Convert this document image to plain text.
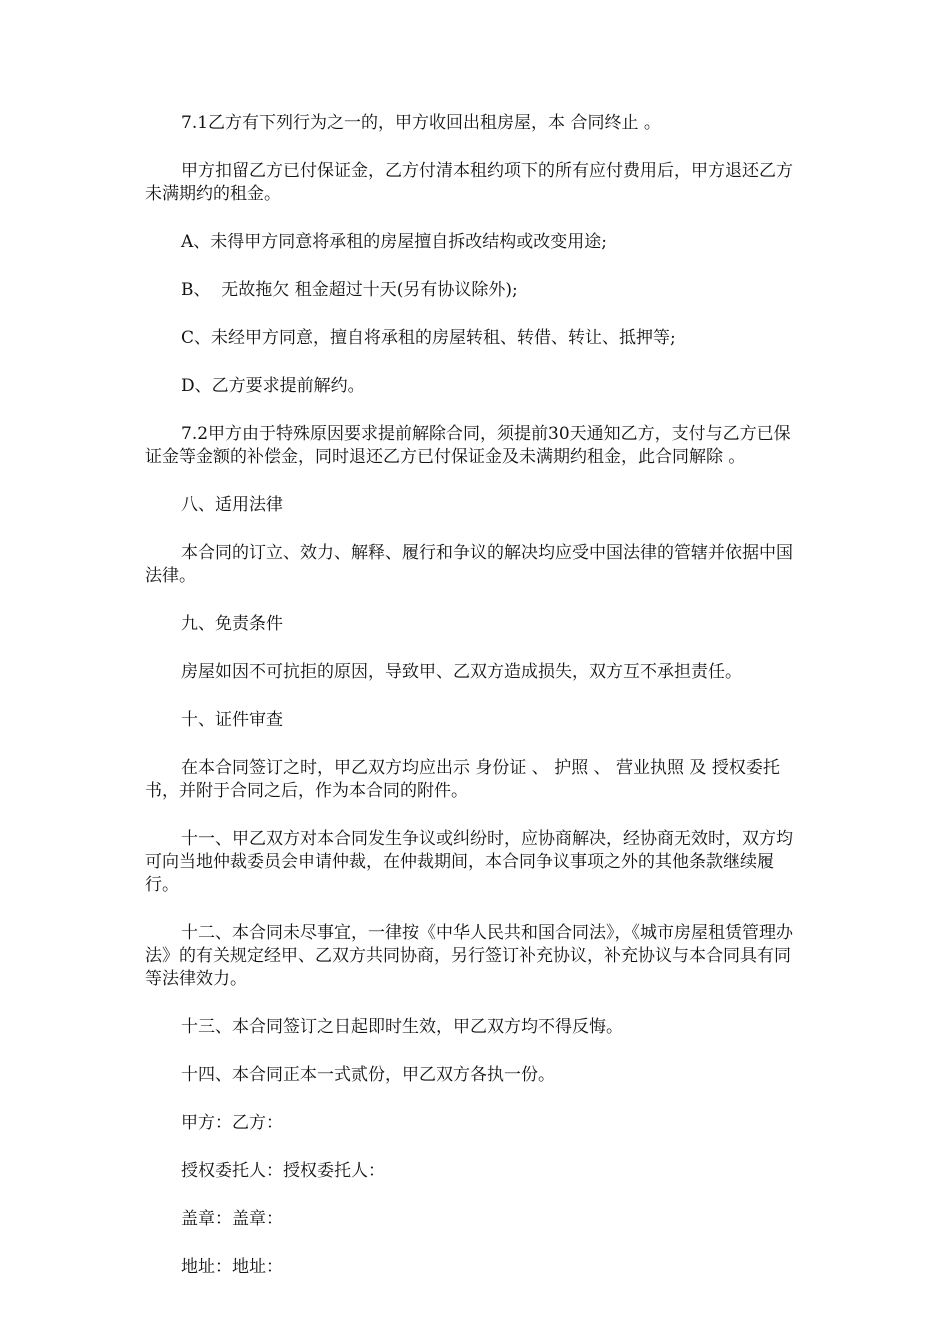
7.1乙方有下列行为之一的，甲方收回出租房屋，本 合同终止 。

甲方扣留乙方已付保证金，乙方付清本租约项下的所有应付费用后，甲方退还乙方未满期约的租金。

A、未得甲方同意将承租的房屋擅自拆改结构或改变用途;

B、  无故拖欠 租金超过十天(另有协议除外);

C、未经甲方同意，擅自将承租的房屋转租、转借、转让、抵押等;

D、乙方要求提前解约。

7.2甲方由于特殊原因要求提前解除合同，须提前30天通知乙方，支付与乙方已保证金等金额的补偿金，同时退还乙方已付保证金及未满期约租金，此合同解除 。

八、适用法律

本合同的订立、效力、解释、履行和争议的解决均应受中国法律的管辖并依据中国法律。

九、免责条件

房屋如因不可抗拒的原因，导致甲、乙双方造成损失，双方互不承担责任。

十、证件审查

在本合同签订之时，甲乙双方均应出示 身份证 、 护照 、 营业执照 及 授权委托书，并附于合同之后，作为本合同的附件。

十一、甲乙双方对本合同发生争议或纠纷时，应协商解决，经协商无效时，双方均可向当地仲裁委员会申请仲裁，在仲裁期间，本合同争议事项之外的其他条款继续履行。

十二、本合同未尽事宜，一律按《中华人民共和国合同法》，《城市房屋租赁管理办法》的有关规定经甲、乙双方共同协商，另行签订补充协议，补充协议与本合同具有同等法律效力。

十三、本合同签订之日起即时生效，甲乙双方均不得反悔。

十四、本合同正本一式贰份，甲乙双方各执一份。

甲方：乙方：

授权委托人：授权委托人：

盖章：盖章：

地址：地址：
